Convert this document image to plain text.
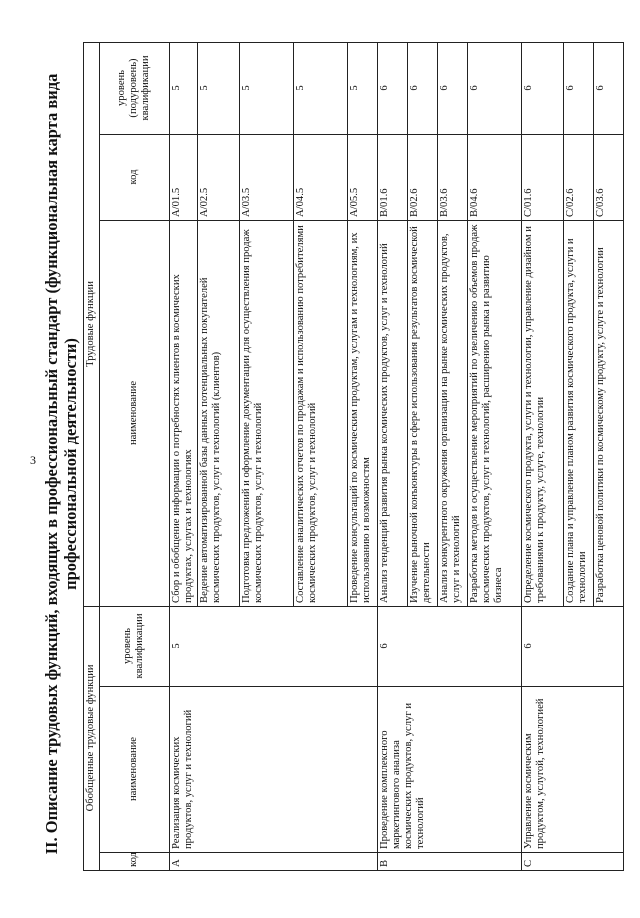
3 II. Описание трудовых функций, входящих в профессиональный стандарт (функциональная карта вида профессиональной деятельности)
Обобщенные трудовые функции			Трудовые функции		
код	наименование	уровень квалификации	наименование	код	уровень (подуровень) квалификации
A	Реализация космических продуктов, услуг и технологий	5	Сбор и обобщение информации о потребностях клиентов в космических продуктах, услугах и технологиях	A/01.5	5
			Ведение автоматизированной базы данных потенциальных покупателей космических продуктов, услуг и технологий (клиентов)	A/02.5	5
			Подготовка предложений и оформление документации для осуществления продаж космических продуктов, услуг и технологий	A/03.5	5
			Составление аналитических отчетов по продажам и использованию потребителями космических продуктов, услуг и технологий	A/04.5	5
			Проведение консультаций по космическим продуктам, услугам и технологиям, их использованию и возможностям	A/05.5	5
B	Проведение комплексного маркетингового анализа космических продуктов, услуг и технологий	6	Анализ тенденций развития рынка космических продуктов, услуг и технологий	B/01.6	6
			Изучение рыночной конъюнктуры в сфере использования результатов космической деятельности	B/02.6	6
			Анализ конкурентного окружения организации на рынке космических продуктов, услуг и технологий	B/03.6	6
			Разработка методов и осуществление мероприятий по увеличению объемов продаж космических продуктов, услуг и технологий, расширению рынка и развитию бизнеса	B/04.6	6
C	Управление космическим продуктом, услугой, технологией	6	Определение космического продукта, услуги и технологии, управление дизайном и требованиями к продукту, услуге, технологии	C/01.6	6
			Создание плана и управление планом развития космического продукта, услуги и технологии	C/02.6	6
			Разработка ценовой политики по космическому продукту, услуге и технологии	C/03.6	6
